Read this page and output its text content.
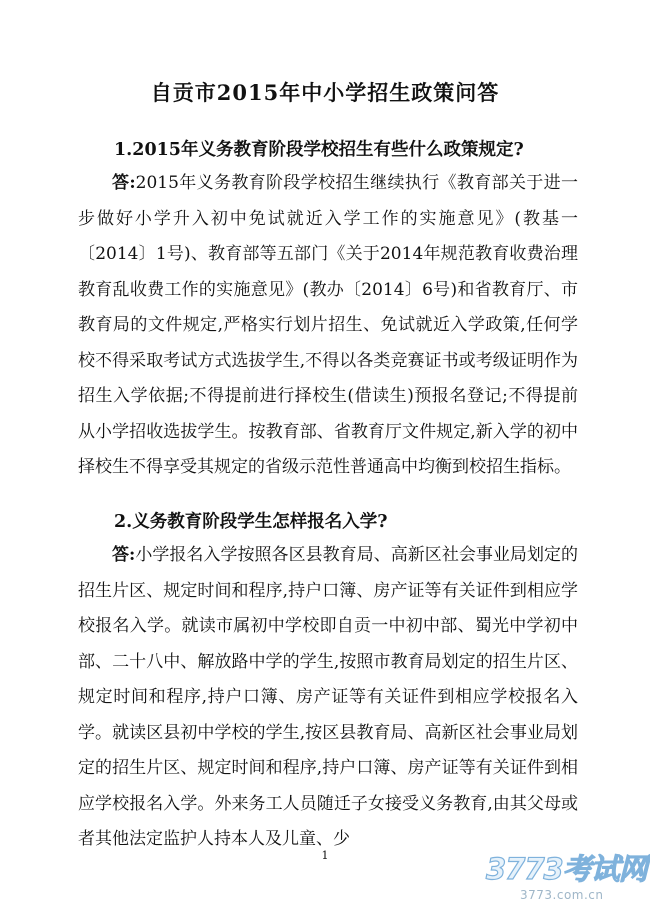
自贡市2015年中小学招生政策问答
1.2015年义务教育阶段学校招生有些什么政策规定?

答:2015年义务教育阶段学校招生继续执行《教育部关于进一步做好小学升入初中免试就近入学工作的实施意见》(教基一〔2014〕1号)、教育部等五部门《关于2014年规范教育收费治理教育乱收费工作的实施意见》(教办〔2014〕6号)和省教育厅、市教育局的文件规定,严格实行划片招生、免试就近入学政策,任何学校不得采取考试方式选拔学生,不得以各类竞赛证书或考级证明作为招生入学依据;不得提前进行择校生(借读生)预报名登记;不得提前从小学招收选拔学生。按教育部、省教育厅文件规定,新入学的初中择校生不得享受其规定的省级示范性普通高中均衡到校招生指标。

2.义务教育阶段学生怎样报名入学?

答:小学报名入学按照各区县教育局、高新区社会事业局划定的招生片区、规定时间和程序,持户口簿、房产证等有关证件到相应学校报名入学。就读市属初中学校即自贡一中初中部、蜀光中学初中部、二十八中、解放路中学的学生,按照市教育局划定的招生片区、规定时间和程序,持户口簿、房产证等有关证件到相应学校报名入学。就读区县初中学校的学生,按区县教育局、高新区社会事业局划定的招生片区、规定时间和程序,持户口簿、房产证等有关证件到相应学校报名入学。外来务工人员随迁子女接受义务教育,由其父母或者其他法定监护人持本人及儿童、少

1	3773考试网
3773.com.cn
